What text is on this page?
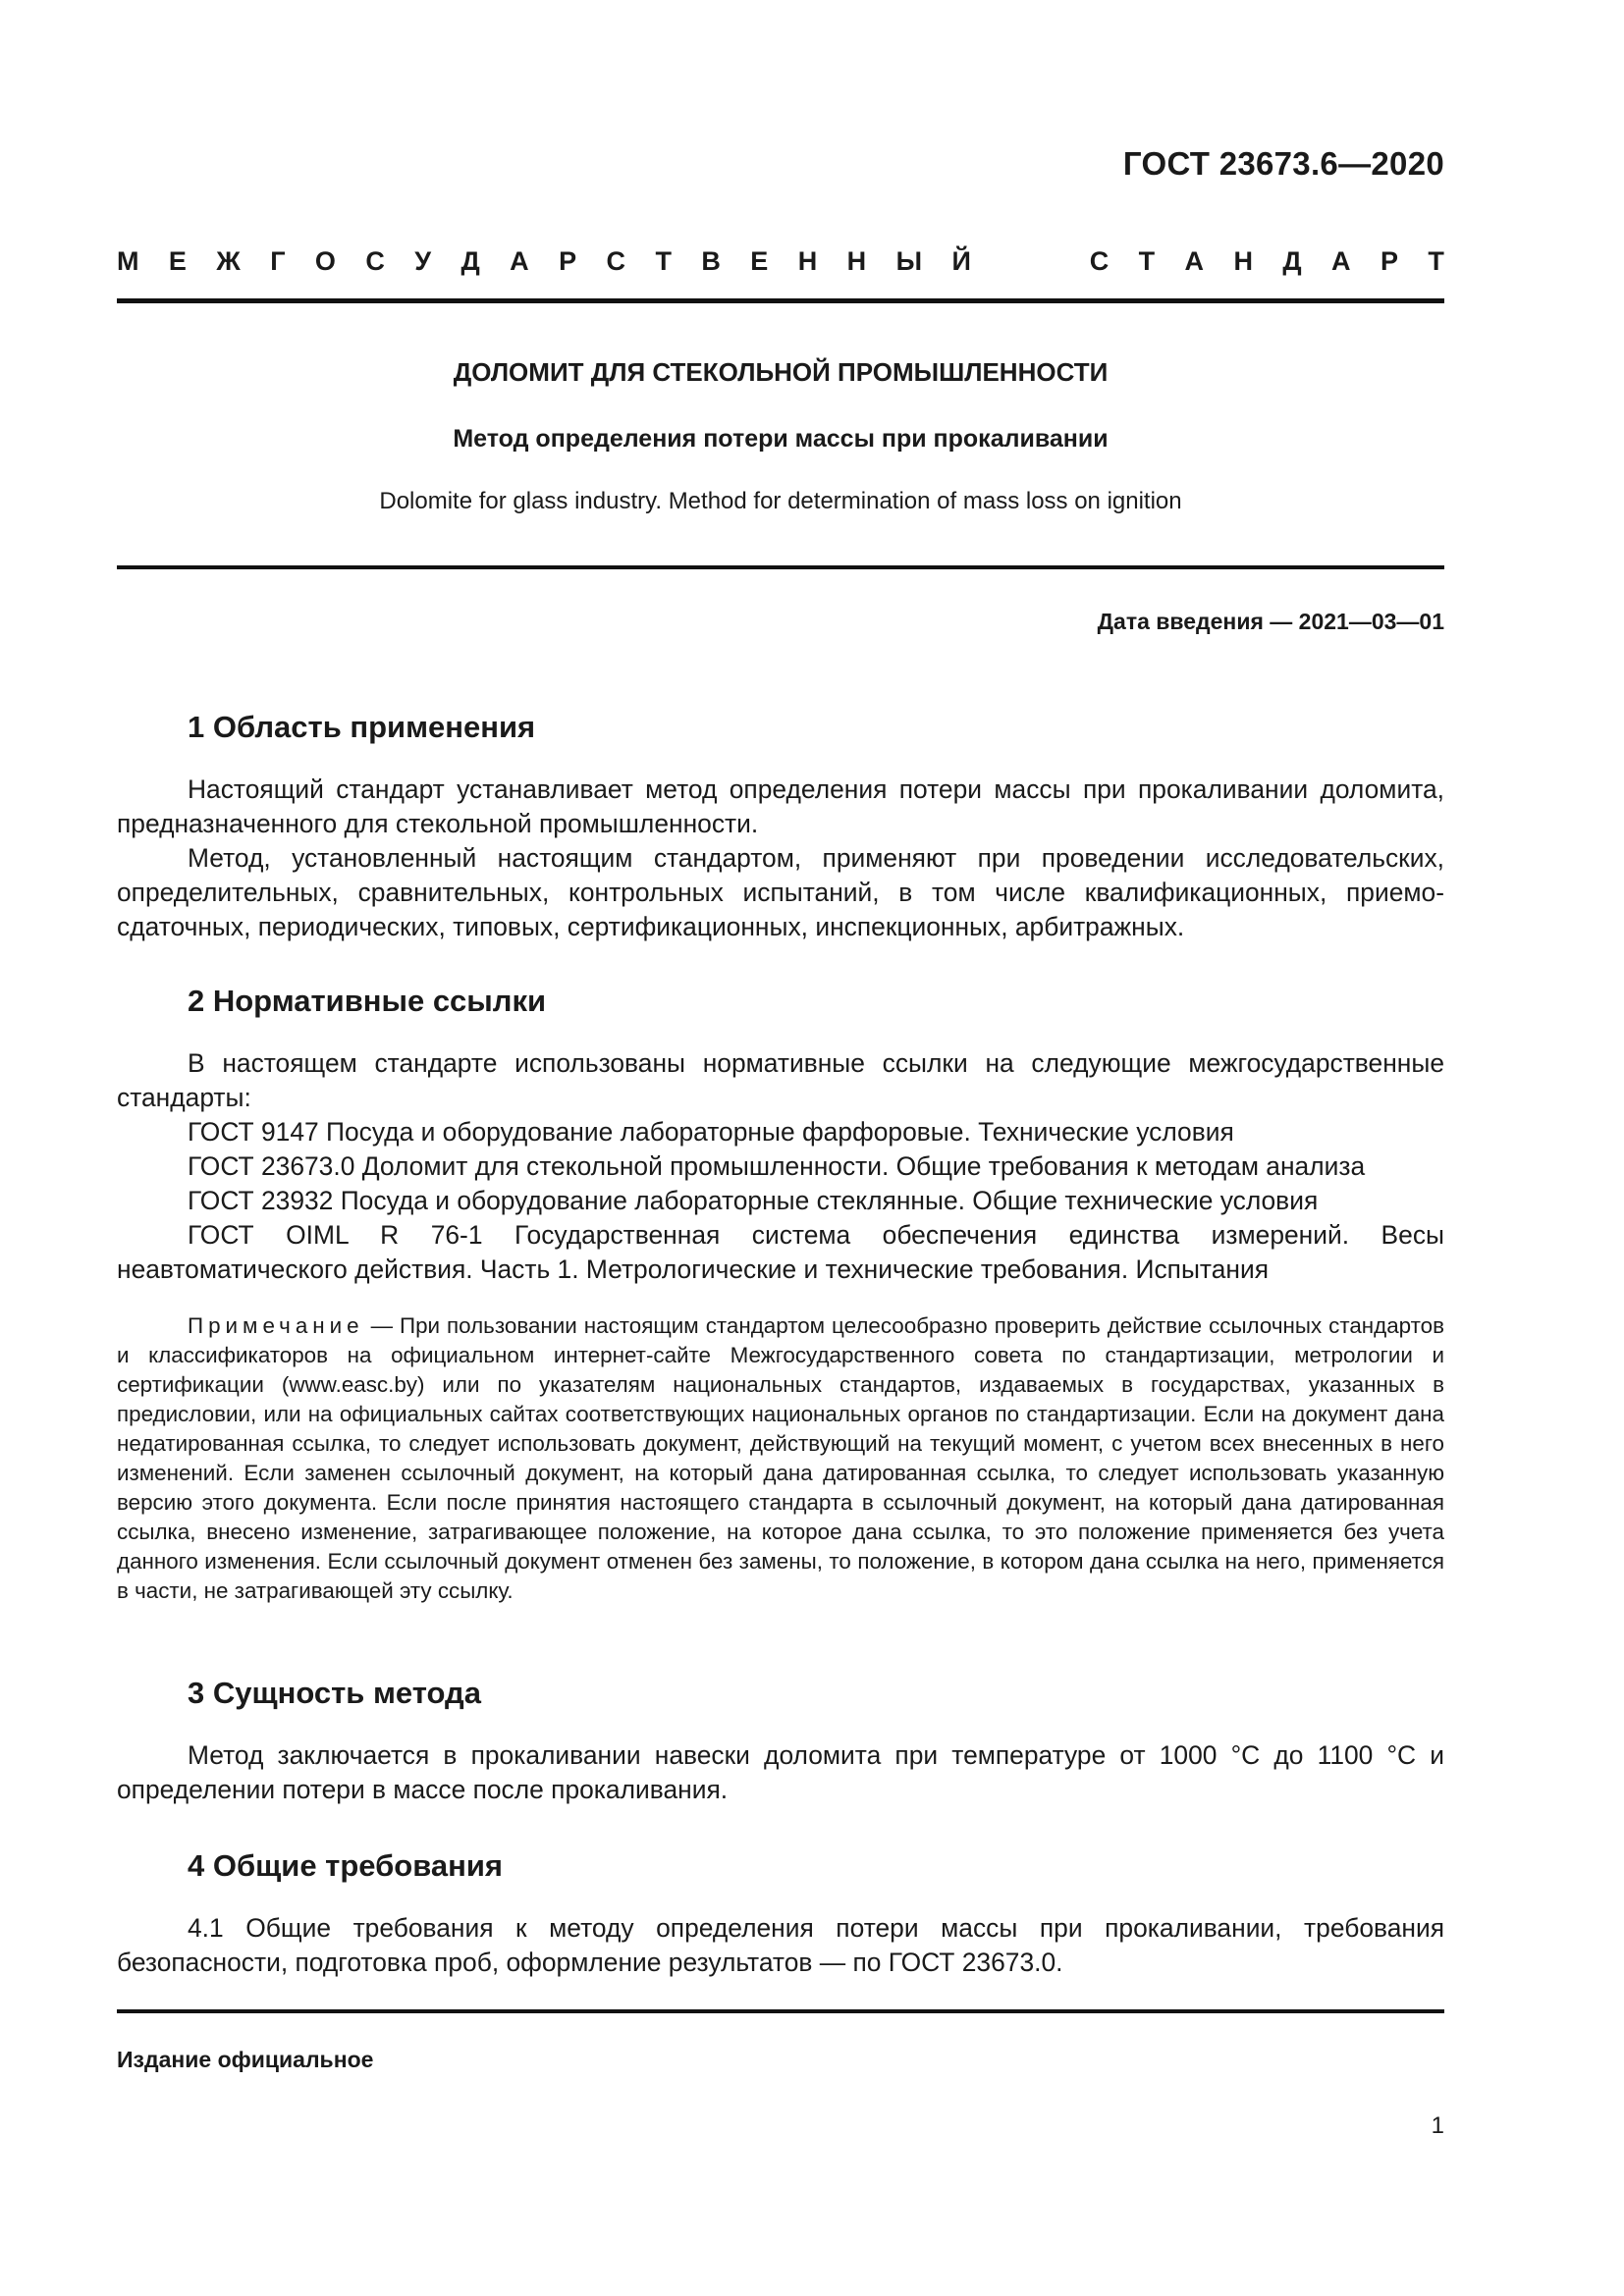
ГОСТ 23673.6—2020
М Е Ж Г О С У Д А Р С Т В Е Н Н Ы Й	С Т А Н Д А Р Т
ДОЛОМИТ ДЛЯ СТЕКОЛЬНОЙ ПРОМЫШЛЕННОСТИ
Метод определения потери массы при прокаливании
Dolomite for glass industry. Method for determination of mass loss on ignition
Дата введения — 2021—03—01
1 Область применения

Настоящий стандарт устанавливает метод определения потери массы при прокаливании доломита, предназначенного для стекольной промышленности.

Метод, установленный настоящим стандартом, применяют при проведении исследовательских, определительных, сравнительных, контрольных испытаний, в том числе квалификационных, приемо-сдаточных, периодических, типовых, сертификационных, инспекционных, арбитражных.

2 Нормативные ссылки

В настоящем стандарте использованы нормативные ссылки на следующие межгосударственные стандарты:

ГОСТ 9147 Посуда и оборудование лабораторные фарфоровые. Технические условия

ГОСТ 23673.0 Доломит для стекольной промышленности. Общие требования к методам анализа

ГОСТ 23932 Посуда и оборудование лабораторные стеклянные. Общие технические условия

ГОСТ OIML R 76-1 Государственная система обеспечения единства измерений. Весы неавтоматического действия. Часть 1. Метрологические и технические требования. Испытания

Примечание — При пользовании настоящим стандартом целесообразно проверить действие ссылочных стандартов и классификаторов на официальном интернет-сайте Межгосударственного совета по стандартизации, метрологии и сертификации (www.easc.by) или по указателям национальных стандартов, издаваемых в государствах, указанных в предисловии, или на официальных сайтах соответствующих национальных органов по стандартизации. Если на документ дана недатированная ссылка, то следует использовать документ, действующий на текущий момент, с учетом всех внесенных в него изменений. Если заменен ссылочный документ, на который дана датированная ссылка, то следует использовать указанную версию этого документа. Если после принятия настоящего стандарта в ссылочный документ, на который дана датированная ссылка, внесено изменение, затрагивающее положение, на которое дана ссылка, то это положение применяется без учета данного изменения. Если ссылочный документ отменен без замены, то положение, в котором дана ссылка на него, применяется в части, не затрагивающей эту ссылку.

3 Сущность метода

Метод заключается в прокаливании навески доломита при температуре от 1000 °С до 1100 °С и определении потери в массе после прокаливания.

4 Общие требования

4.1 Общие требования к методу определения потери массы при прокаливании, требования безопасности, подготовка проб, оформление результатов — по ГОСТ 23673.0.

Издание официальное
1
